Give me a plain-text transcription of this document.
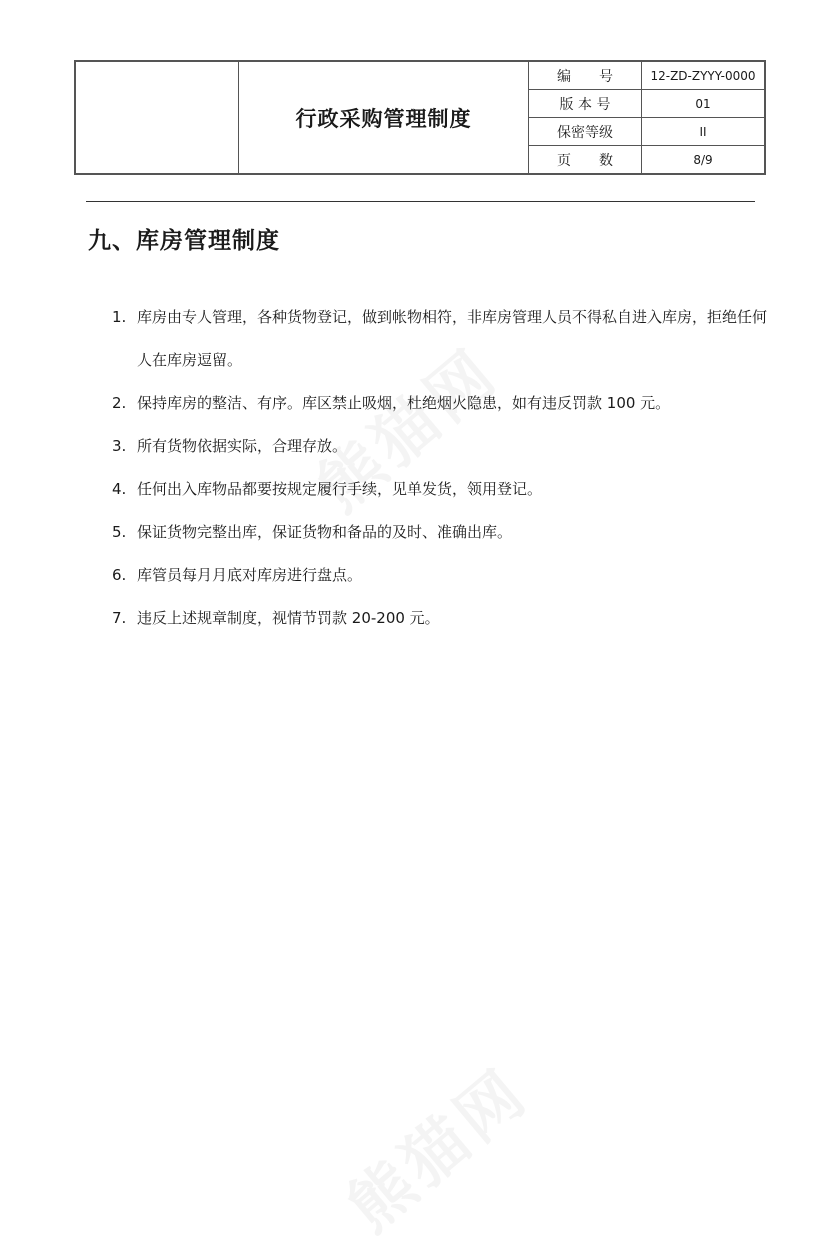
行政采购管理制度
编　　号	12-ZD-ZYYY-0000
版 本 号	01
保密等级	II
页　　数	8/9
九、库房管理制度
1. 库房由专人管理，各种货物登记，做到帐物相符，非库房管理人员不得私自进入库房，拒绝任何人在库房逗留。
2. 保持库房的整洁、有序。库区禁止吸烟，杜绝烟火隐患，如有违反罚款 100 元。
3. 所有货物依据实际，合理存放。
4. 任何出入库物品都要按规定履行手续，见单发货，领用登记。
5. 保证货物完整出库，保证货物和备品的及时、准确出库。
6. 库管员每月月底对库房进行盘点。
7. 违反上述规章制度，视情节罚款 20-200 元。
